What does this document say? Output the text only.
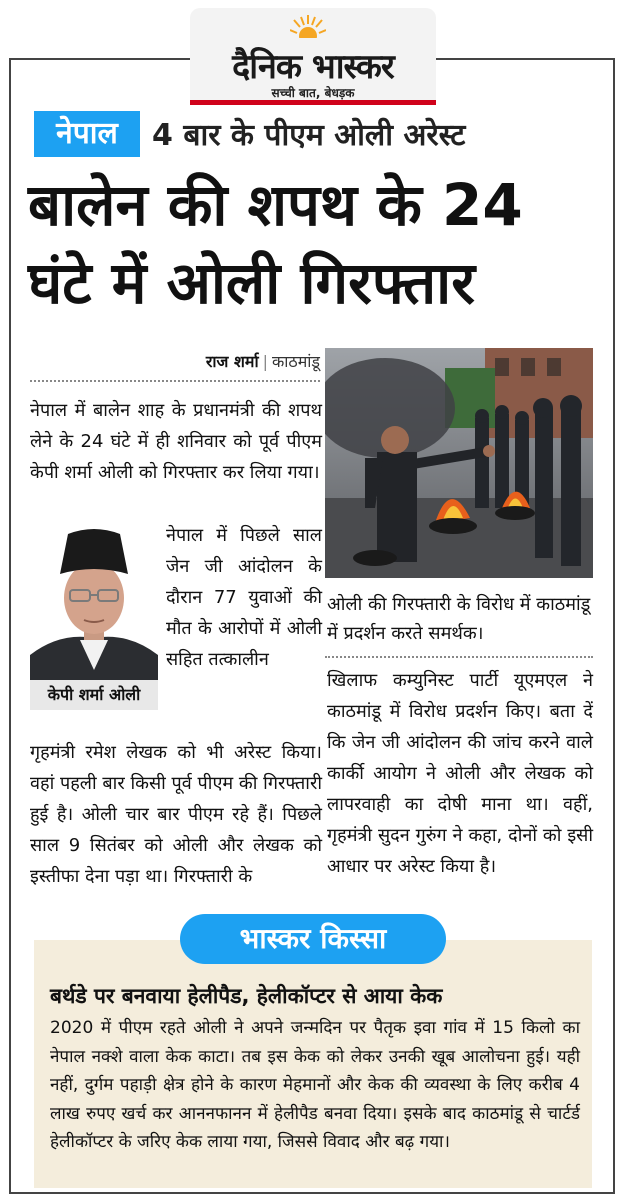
दैनिक भास्कर
सच्ची बात, बेधड़क
नेपाल	4 बार के पीएम ओली अरेस्ट
बालेन की शपथ के 24
घंटे में ओली गिरफ्तार
राज शर्मा | काठमांडू
नेपाल में बालेन शाह के प्रधानमंत्री की शपथ लेने के 24 घंटे में ही शनिवार को पूर्व पीएम केपी शर्मा ओली को गिरफ्तार कर लिया गया।
केपी शर्मा ओली
नेपाल में पिछले साल जेन जी आंदोलन के दौरान 77 युवाओं की मौत के आरोपों में ओली सहित तत्कालीन
गृहमंत्री रमेश लेखक को भी अरेस्ट किया। वहां पहली बार किसी पूर्व पीएम की गिरफ्तारी हुई है। ओली चार बार पीएम रहे हैं। पिछले साल 9 सितंबर को ओली और लेखक को इस्तीफा देना पड़ा था। गिरफ्तारी के
ओली की गिरफ्तारी के विरोध में काठमांडू में प्रदर्शन करते समर्थक।
खिलाफ कम्युनिस्ट पार्टी यूएमएल ने काठमांडू में विरोध प्रदर्शन किए। बता दें कि जेन जी आंदोलन की जांच करने वाले कार्की आयोग ने ओली और लेखक को लापरवाही का दोषी माना था। वहीं, गृहमंत्री सुदन गुरुंग ने कहा, दोनों को इसी आधार पर अरेस्ट किया है।
भास्कर किस्सा
बर्थडे पर बनवाया हेलीपैड, हेलीकॉप्टर से आया केक
2020 में पीएम रहते ओली ने अपने जन्मदिन पर पैतृक इवा गांव में 15 किलो का नेपाल नक्शे वाला केक काटा। तब इस केक को लेकर उनकी खूब आलोचना हुई। यही नहीं, दुर्गम पहाड़ी क्षेत्र होने के कारण मेहमानों और केक की व्यवस्था के लिए करीब 4 लाख रुपए खर्च कर आननफानन में हेलीपैड बनवा दिया। इसके बाद काठमांडू से चार्टर्ड हेलीकॉप्टर के जरिए केक लाया गया, जिससे विवाद और बढ़ गया।
